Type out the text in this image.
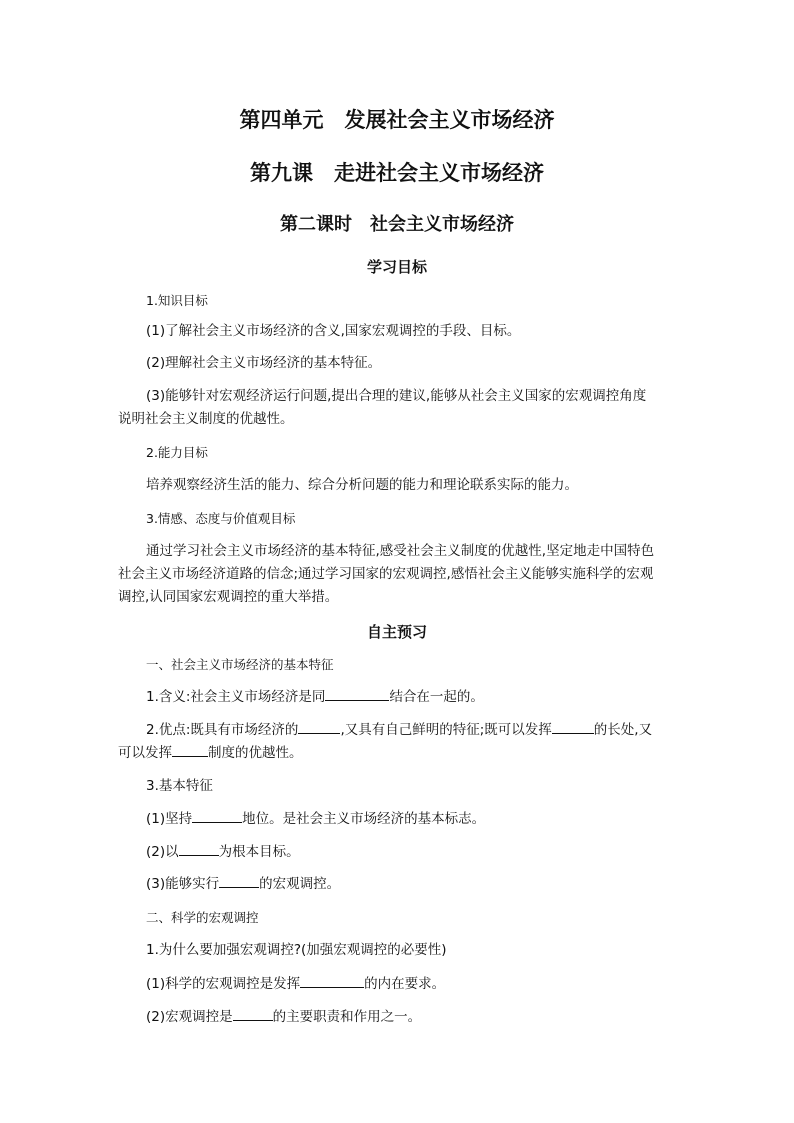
第四单元　发展社会主义市场经济
第九课　走进社会主义市场经济
第二课时　社会主义市场经济
学习目标
1.知识目标
(1)了解社会主义市场经济的含义,国家宏观调控的手段、目标。
(2)理解社会主义市场经济的基本特征。
(3)能够针对宏观经济运行问题,提出合理的建议,能够从社会主义国家的宏观调控角度
说明社会主义制度的优越性。
2.能力目标
培养观察经济生活的能力、综合分析问题的能力和理论联系实际的能力。
3.情感、态度与价值观目标
通过学习社会主义市场经济的基本特征,感受社会主义制度的优越性,坚定地走中国特色
社会主义市场经济道路的信念;通过学习国家的宏观调控,感悟社会主义能够实施科学的宏观
调控,认同国家宏观调控的重大举措。
自主预习
一、社会主义市场经济的基本特征
1.含义:社会主义市场经济是同	结合在一起的。
2.优点:既具有市场经济的	,又具有自己鲜明的特征;既可以发挥	的长处,又
可以发挥	制度的优越性。
3.基本特征
(1)坚持	地位。是社会主义市场经济的基本标志。
(2)以	为根本目标。
(3)能够实行	的宏观调控。
二、科学的宏观调控
1.为什么要加强宏观调控?(加强宏观调控的必要性)
(1)科学的宏观调控是发挥	的内在要求。
(2)宏观调控是	的主要职责和作用之一。
